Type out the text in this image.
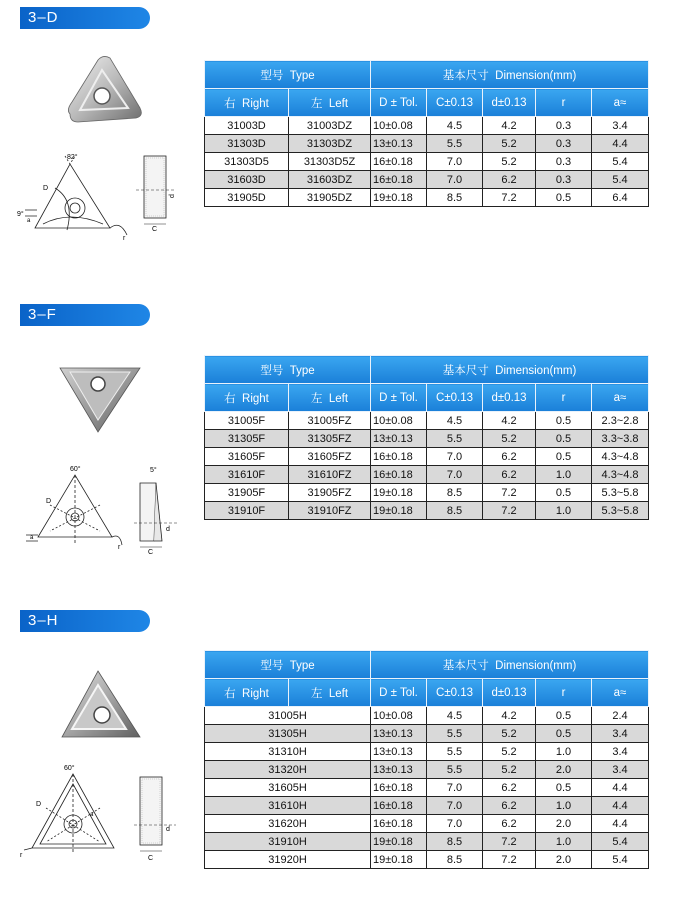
3–D
82°
D
9°
a
r
C
d
型号 Type		基本尺寸 Dimension(mm)				
右 Right	左 Left	D ± Tol.	C±0.13	d±0.13	r	a≈
31003D	31003DZ	10±0.08	4.5	4.2	0.3	3.4
31303D	31303DZ	13±0.13	5.5	5.2	0.3	4.4
31303D5	31303D5Z	16±0.18	7.0	5.2	0.3	5.4
31603D	31603DZ	16±0.18	7.0	6.2	0.3	5.4
31905D	31905DZ	19±0.18	8.5	7.2	0.5	6.4
3–F
60°
D
a
r
5°
C
d
型号 Type		基本尺寸 Dimension(mm)				
右 Right	左 Left	D ± Tol.	C±0.13	d±0.13	r	a≈
31005F	31005FZ	10±0.08	4.5	4.2	0.5	2.3~2.8
31305F	31305FZ	13±0.13	5.5	5.2	0.5	3.3~3.8
31605F	31605FZ	16±0.18	7.0	6.2	0.5	4.3~4.8
31610F	31610FZ	16±0.18	7.0	6.2	1.0	4.3~4.8
31905F	31905FZ	19±0.18	8.5	7.2	0.5	5.3~5.8
31910F	31910FZ	19±0.18	8.5	7.2	1.0	5.3~5.8
3–H
60°
D
a
r	C
d
型号 Type		基本尺寸 Dimension(mm)				
右 Right	左 Left	D ± Tol.	C±0.13	d±0.13	r	a≈
31005H		10±0.08	4.5	4.2	0.5	2.4
31305H		13±0.13	5.5	5.2	0.5	3.4
31310H		13±0.13	5.5	5.2	1.0	3.4
31320H		13±0.13	5.5	5.2	2.0	3.4
31605H		16±0.18	7.0	6.2	0.5	4.4
31610H		16±0.18	7.0	6.2	1.0	4.4
31620H		16±0.18	7.0	6.2	2.0	4.4
31910H		19±0.18	8.5	7.2	1.0	5.4
31920H		19±0.18	8.5	7.2	2.0	5.4
